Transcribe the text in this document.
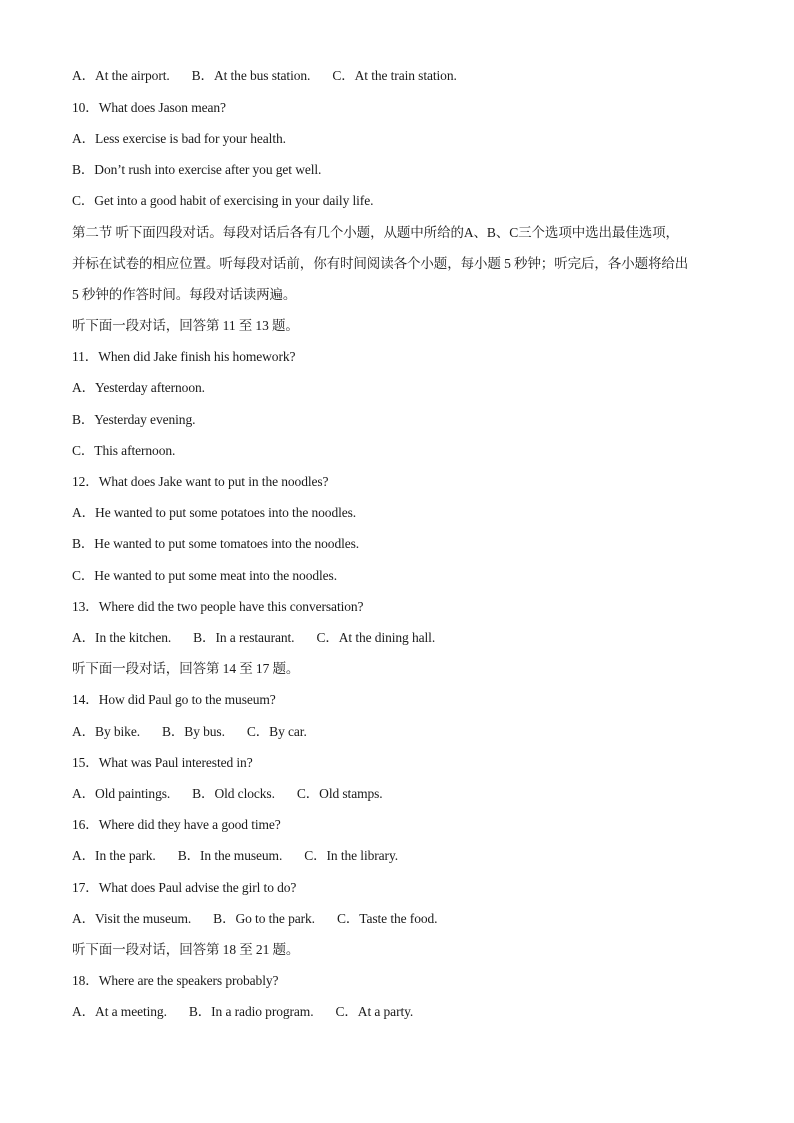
A．At the airport. B．At the bus station. C．At the train station.
10．What does Jason mean?
A．Less exercise is bad for your health.
B．Don’t rush into exercise after you get well.
C．Get into a good habit of exercising in your daily life.
第二节 听下面四段对话。每段对话后各有几个小题，从题中所给的A、B、C三个选项中选出最佳选项，
并标在试卷的相应位置。听每段对话前，你有时间阅读各个小题，每小题 5 秒钟；听完后，各小题将给出
5 秒钟的作答时间。每段对话读两遍。
听下面一段对话，回答第 11 至 13 题。
11．When did Jake finish his homework?
A．Yesterday afternoon.
B．Yesterday evening.
C．This afternoon.
12．What does Jake want to put in the noodles?
A．He wanted to put some potatoes into the noodles.
B．He wanted to put some tomatoes into the noodles.
C．He wanted to put some meat into the noodles.
13．Where did the two people have this conversation?
A．In the kitchen. B．In a restaurant. C．At the dining hall.
听下面一段对话，回答第 14 至 17 题。
14．How did Paul go to the museum?
A．By bike. B．By bus. C．By car.
15．What was Paul interested in?
A．Old paintings. B．Old clocks. C．Old stamps.
16．Where did they have a good time?
A．In the park. B．In the museum. C．In the library.
17．What does Paul advise the girl to do?
A．Visit the museum. B．Go to the park. C．Taste the food.
听下面一段对话，回答第 18 至 21 题。
18．Where are the speakers probably?
A．At a meeting. B．In a radio program. C．At a party.
